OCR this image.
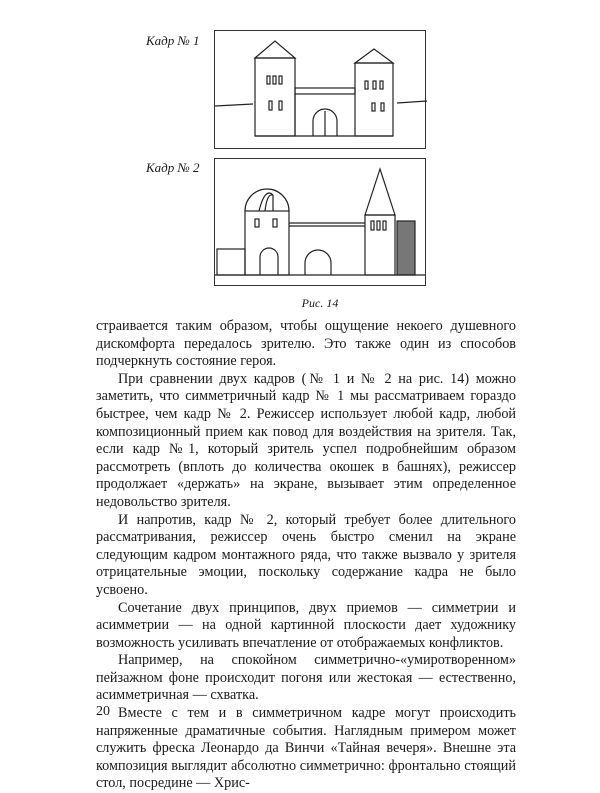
Кадр № 1
Кадр № 2
Рис. 14

страивается таким образом, чтобы ощущение некоего душевного дискомфорта передалось зрителю. Это также один из способов подчеркнуть состояние героя.

При сравнении двух кадров (№ 1 и № 2 на рис. 14) можно заметить, что симметричный кадр № 1 мы рассматриваем гораздо быстрее, чем кадр № 2. Режиссер использует любой кадр, любой композиционный прием как повод для воздействия на зрителя. Так, если кадр №1, который зритель успел подробнейшим образом рассмотреть (вплоть до количества окошек в башнях), режиссер продолжает «держать» на экране, вызывает этим определенное недовольство зрителя.

И напротив, кадр № 2, который требует более длительного рассматривания, режиссер очень быстро сменил на экране следующим кадром монтажного ряда, что также вызвало у зрителя отрицательные эмоции, поскольку содержание кадра не было усвоено.

Сочетание двух принципов, двух приемов — симметрии и асимметрии — на одной картинной плоскости дает художнику возможность усиливать впечатление от отображаемых конфликтов.

Например, на спокойном симметрично-«умиротворенном» пейзажном фоне происходит погоня или жестокая — естественно, асимметричная — схватка.

Вместе с тем и в симметричном кадре могут происходить напряженные драматичные события. Наглядным примером может служить фреска Леонардо да Винчи «Тайная вечеря». Внешне эта композиция выглядит абсолютно симметрично: фронтально стоящий стол, посредине — Хрис-

20
